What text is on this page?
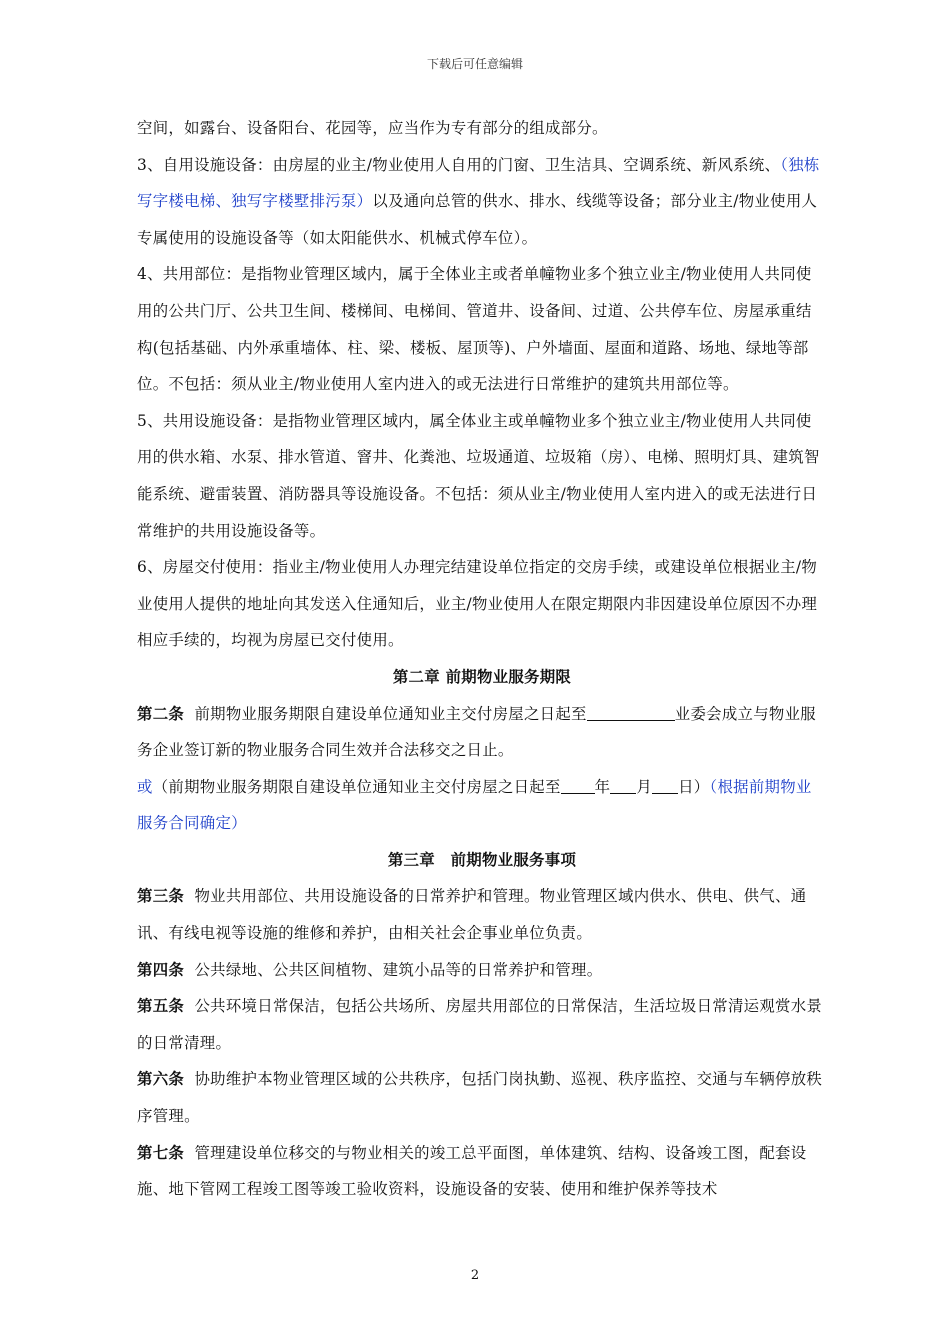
下载后可任意编辑

空间，如露台、设备阳台、花园等，应当作为专有部分的组成部分。

3、自用设施设备：由房屋的业主/物业使用人自用的门窗、卫生洁具、空调系统、新风系统、（独栋写字楼电梯、独写字楼墅排污泵）以及通向总管的供水、排水、线缆等设备；部分业主/物业使用人专属使用的设施设备等（如太阳能供水、机械式停车位）。

4、共用部位：是指物业管理区域内，属于全体业主或者单幢物业多个独立业主/物业使用人共同使用的公共门厅、公共卫生间、楼梯间、电梯间、管道井、设备间、过道、公共停车位、房屋承重结构(包括基础、内外承重墙体、柱、梁、楼板、屋顶等)、户外墙面、屋面和道路、场地、绿地等部位。不包括：须从业主/物业使用人室内进入的或无法进行日常维护的建筑共用部位等。

5、共用设施设备：是指物业管理区域内，属全体业主或单幢物业多个独立业主/物业使用人共同使用的供水箱、水泵、排水管道、窨井、化粪池、垃圾通道、垃圾箱（房）、电梯、照明灯具、建筑智能系统、避雷装置、消防器具等设施设备。不包括：须从业主/物业使用人室内进入的或无法进行日常维护的共用设施设备等。

6、房屋交付使用：指业主/物业使用人办理完结建设单位指定的交房手续，或建设单位根据业主/物业使用人提供的地址向其发送入住通知后，业主/物业使用人在限定期限内非因建设单位原因不办理相应手续的，均视为房屋已交付使用。

第二章 前期物业服务期限

第二条 前期物业服务期限自建设单位通知业主交付房屋之日起至	业委会成立与物业服务企业签订新的物业服务合同生效并合法移交之日止。

或（前期物业服务期限自建设单位通知业主交付房屋之日起至 年 月 日）（根据前期物业服务合同确定）

第三章　前期物业服务事项

第三条 物业共用部位、共用设施设备的日常养护和管理。物业管理区域内供水、供电、供气、通讯、有线电视等设施的维修和养护，由相关社会企事业单位负责。

第四条 公共绿地、公共区间植物、建筑小品等的日常养护和管理。

第五条 公共环境日常保洁，包括公共场所、房屋共用部位的日常保洁，生活垃圾日常清运观赏水景的日常清理。

第六条 协助维护本物业管理区域的公共秩序，包括门岗执勤、巡视、秩序监控、交通与车辆停放秩序管理。

第七条 管理建设单位移交的与物业相关的竣工总平面图，单体建筑、结构、设备竣工图，配套设施、地下管网工程竣工图等竣工验收资料，设施设备的安装、使用和维护保养等技术

2
